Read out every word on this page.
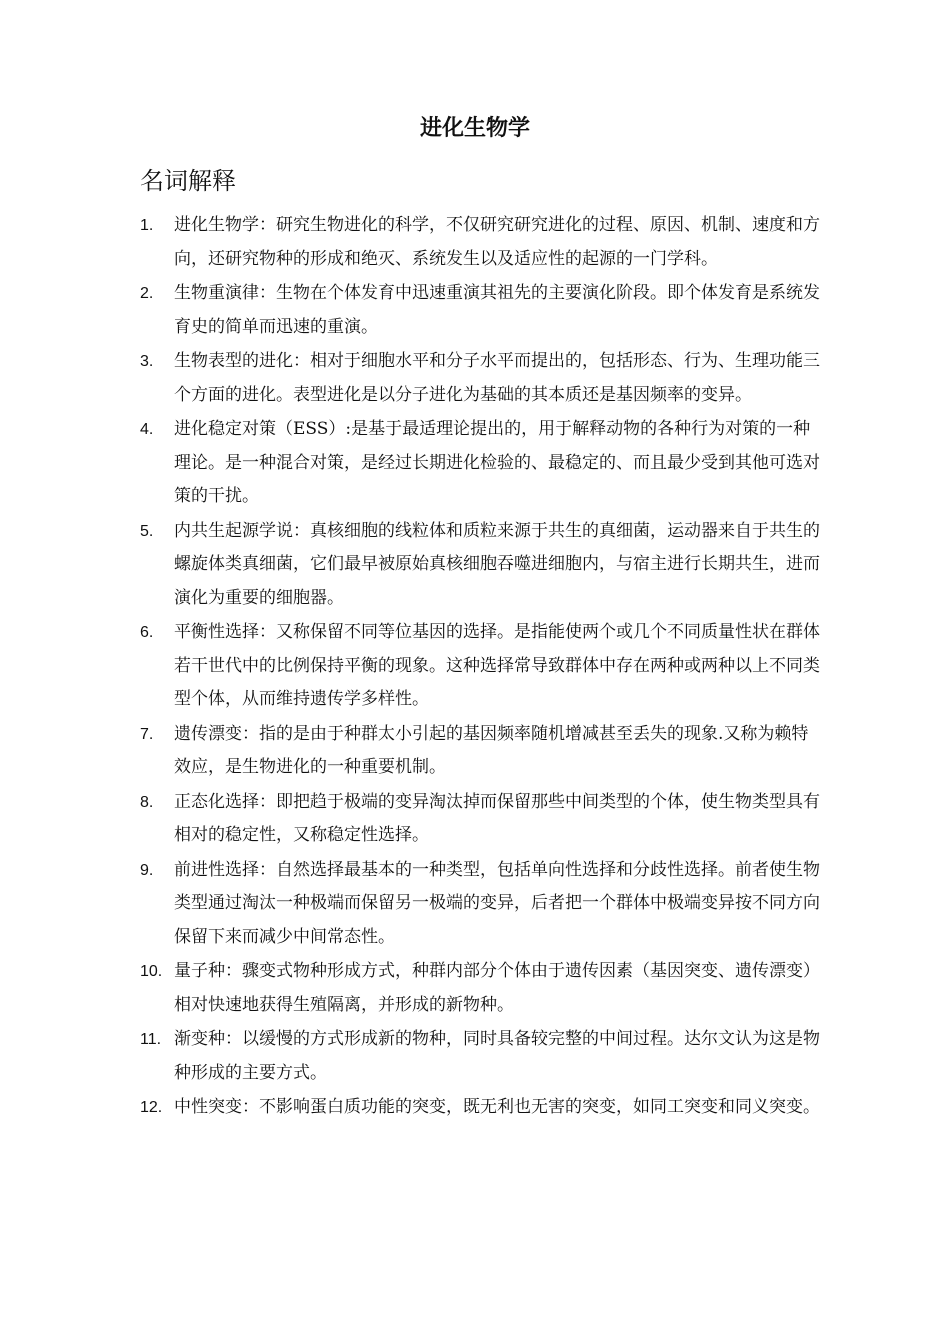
进化生物学
名词解释
1. 进化生物学：研究生物进化的科学，不仅研究研究进化的过程、原因、机制、速度和方向，还研究物种的形成和绝灭、系统发生以及适应性的起源的一门学科。
2. 生物重演律：生物在个体发育中迅速重演其祖先的主要演化阶段。即个体发育是系统发育史的简单而迅速的重演。
3. 生物表型的进化：相对于细胞水平和分子水平而提出的，包括形态、行为、生理功能三个方面的进化。表型进化是以分子进化为基础的其本质还是基因频率的变异。
4. 进化稳定对策（ESS）:是基于最适理论提出的，用于解释动物的各种行为对策的一种理论。是一种混合对策，是经过长期进化检验的、最稳定的、而且最少受到其他可选对策的干扰。
5. 内共生起源学说：真核细胞的线粒体和质粒来源于共生的真细菌，运动器来自于共生的螺旋体类真细菌，它们最早被原始真核细胞吞噬进细胞内，与宿主进行长期共生，进而演化为重要的细胞器。
6. 平衡性选择：又称保留不同等位基因的选择。是指能使两个或几个不同质量性状在群体若干世代中的比例保持平衡的现象。这种选择常导致群体中存在两种或两种以上不同类型个体，从而维持遗传学多样性。
7. 遗传漂变：指的是由于种群太小引起的基因频率随机增减甚至丢失的现象.又称为赖特效应，是生物进化的一种重要机制。
8. 正态化选择：即把趋于极端的变异淘汰掉而保留那些中间类型的个体，使生物类型具有相对的稳定性，又称稳定性选择。
9. 前进性选择：自然选择最基本的一种类型，包括单向性选择和分歧性选择。前者使生物类型通过淘汰一种极端而保留另一极端的变异，后者把一个群体中极端变异按不同方向保留下来而减少中间常态性。
10. 量子种：骤变式物种形成方式，种群内部分个体由于遗传因素（基因突变、遗传漂变）相对快速地获得生殖隔离，并形成的新物种。
11. 渐变种：以缓慢的方式形成新的物种，同时具备较完整的中间过程。达尔文认为这是物种形成的主要方式。
12. 中性突变：不影响蛋白质功能的突变，既无利也无害的突变，如同工突变和同义突变。
